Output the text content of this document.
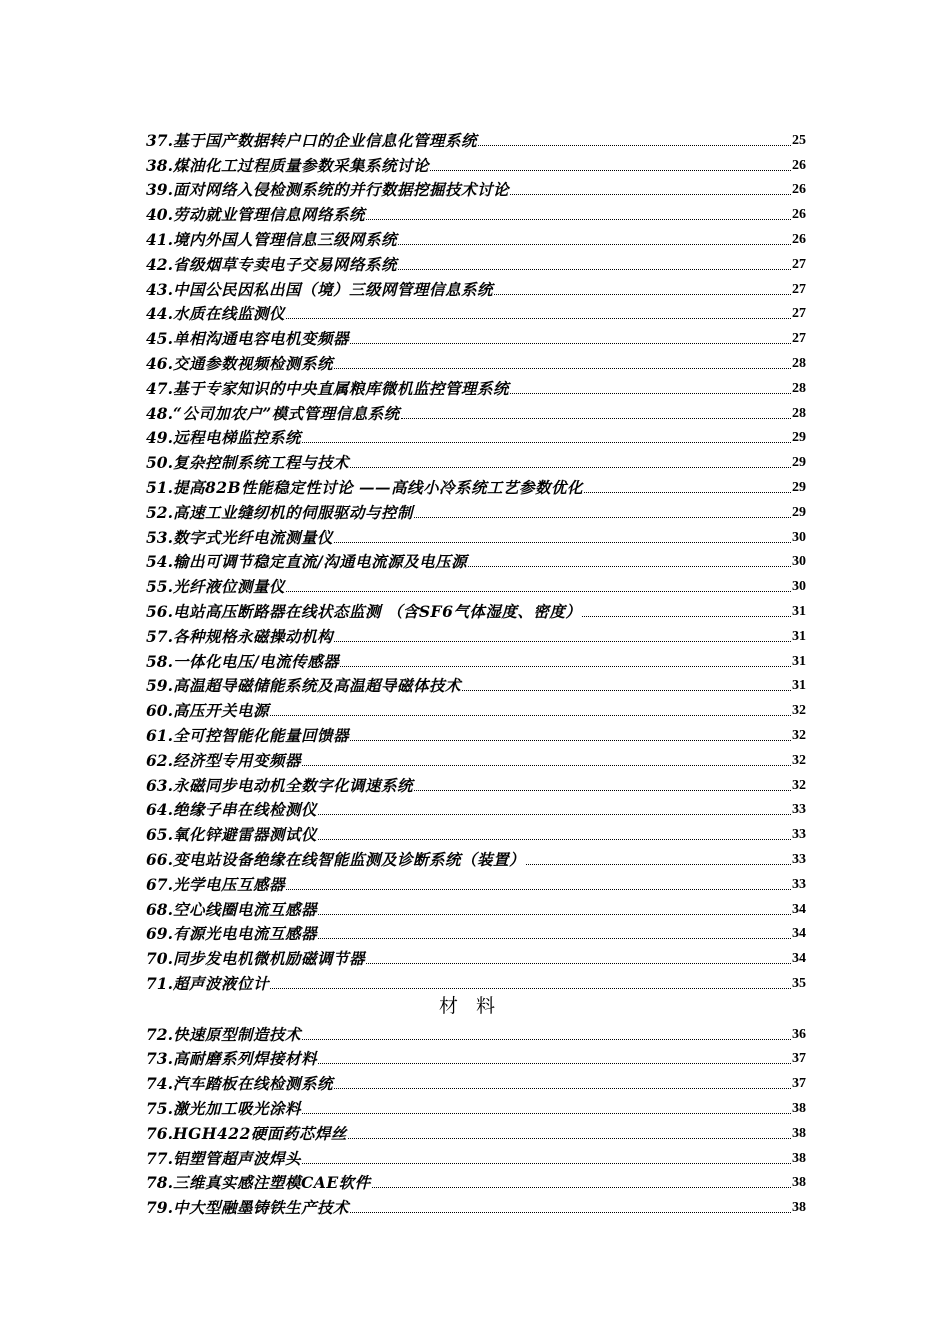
37. 基于国产数据转户口的企业信息化管理系统	25
38. 煤油化工过程质量参数采集系统讨论	26
39. 面对网络入侵检测系统的并行数据挖掘技术讨论	26
40. 劳动就业管理信息网络系统	26
41. 境内外国人管理信息三级网系统	26
42. 省级烟草专卖电子交易网络系统	27
43. 中国公民因私出国（境）三级网管理信息系统	27
44. 水质在线监测仪	27
45. 单相沟通电容电机变频器	27
46. 交通参数视频检测系统	28
47. 基于专家知识的中央直属粮库微机监控管理系统	28
48. “公司加农户”模式管理信息系统	28
49. 远程电梯监控系统	29
50. 复杂控制系统工程与技术	29
51. 提高82B性能稳定性讨论 ——高线小冷系统工艺参数优化	29
52. 高速工业缝纫机的伺服驱动与控制	29
53. 数字式光纤电流测量仪	30
54. 输出可调节稳定直流/沟通电流源及电压源	30
55. 光纤液位测量仪	30
56. 电站高压断路器在线状态监测 （含SF6气体湿度、密度）	31
57. 各种规格永磁操动机构	31
58. 一体化电压/电流传感器	31
59. 高温超导磁储能系统及高温超导磁体技术	31
60. 高压开关电源	32
61. 全可控智能化能量回馈器	32
62. 经济型专用变频器	32
63. 永磁同步电动机全数字化调速系统	32
64. 绝缘子串在线检测仪	33
65. 氧化锌避雷器测试仪	33
66. 变电站设备绝缘在线智能监测及诊断系统（装置）	33
67. 光学电压互感器	33
68. 空心线圈电流互感器	34
69. 有源光电电流互感器	34
70. 同步发电机微机励磁调节器	34
71. 超声波液位计	35
材料
72. 快速原型制造技术	36
73. 高耐磨系列焊接材料	37
74. 汽车踏板在线检测系统	37
75. 激光加工吸光涂料	38
76. HGH422硬面药芯焊丝	38
77. 铝塑管超声波焊头	38
78. 三维真实感注塑模CAE软件	38
79. 中大型融墨铸铁生产技术	38
